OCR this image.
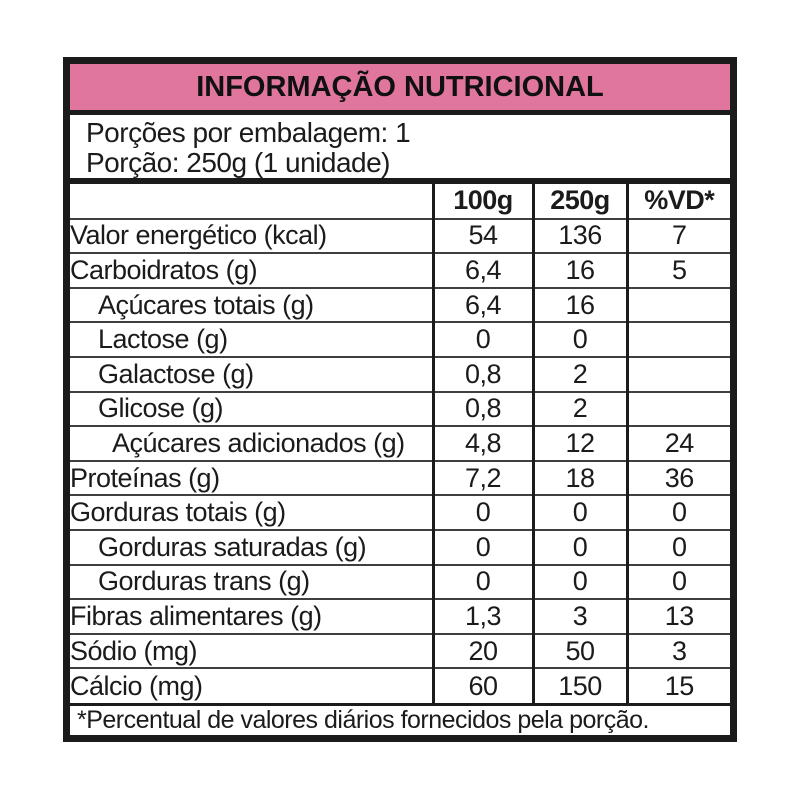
INFORMAÇÃO NUTRICIONAL
Porções por embalagem: 1
Porção: 250g (1 unidade)
	100g	250g	%VD*
Valor energético (kcal)	54	136	7
Carboidratos (g)	6,4	16	5
Açúcares totais (g)	6,4	16	
Lactose (g)	0	0	
Galactose (g)	0,8	2	
Glicose (g)	0,8	2	
Açúcares adicionados (g)	4,8	12	24
Proteínas (g)	7,2	18	36
Gorduras totais (g)	0	0	0
Gorduras saturadas (g)	0	0	0
Gorduras trans (g)	0	0	0
Fibras alimentares (g)	1,3	3	13
Sódio (mg)	20	50	3
Cálcio (mg)	60	150	15
*Percentual de valores diários fornecidos pela porção.
